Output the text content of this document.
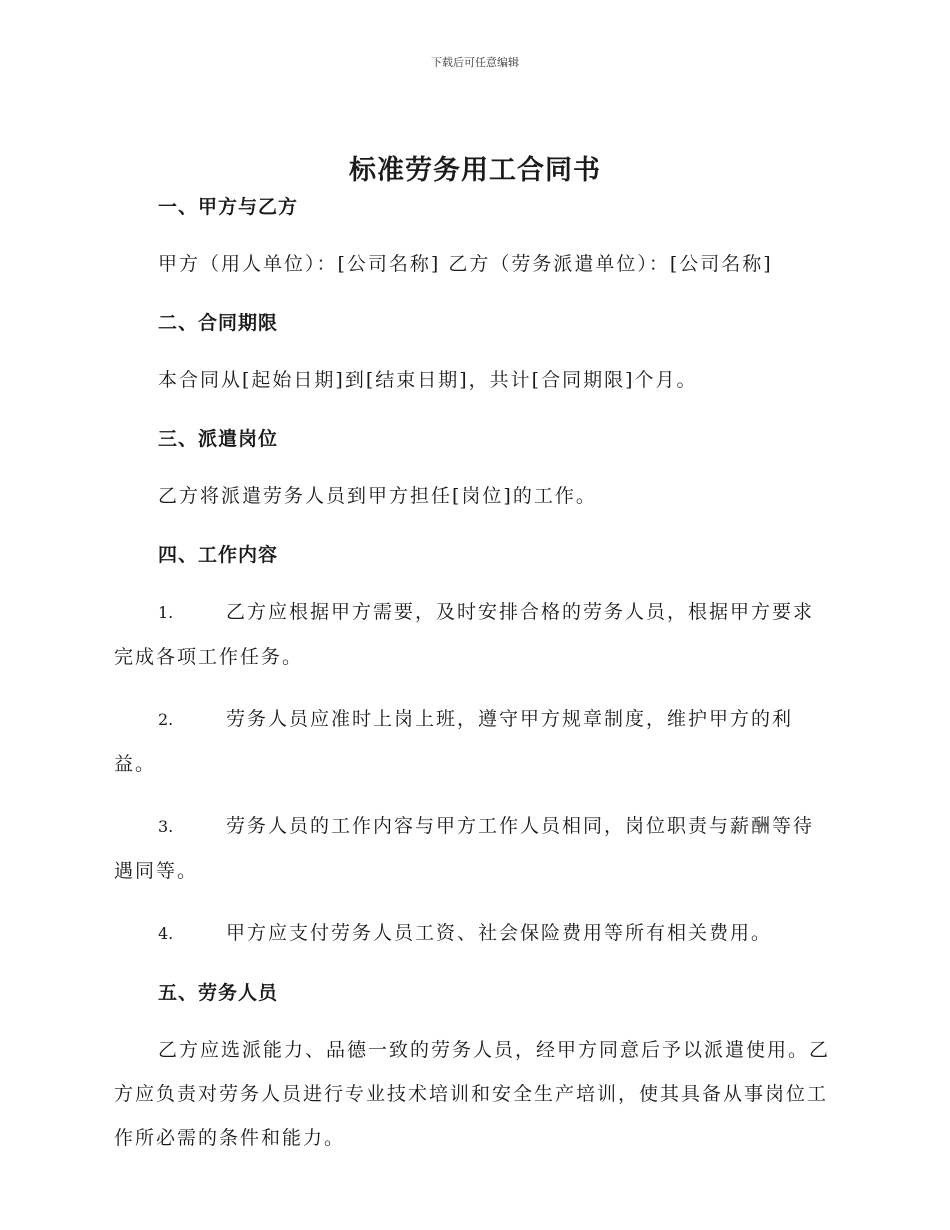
下载后可任意编辑
标准劳务用工合同书
一、甲方与乙方

甲方（用人单位）：[公司名称] 乙方（劳务派遣单位）：[公司名称]

二、合同期限

本合同从[起始日期]到[结束日期]，共计[合同期限]个月。

三、派遣岗位

乙方将派遣劳务人员到甲方担任[岗位]的工作。

四、工作内容
1.	乙方应根据甲方需要，及时安排合格的劳务人员，根据甲方要求
完成各项工作任务。
2.	劳务人员应准时上岗上班，遵守甲方规章制度，维护甲方的利
益。
3.	劳务人员的工作内容与甲方工作人员相同，岗位职责与薪酬等待
遇同等。
4.	甲方应支付劳务人员工资、社会保险费用等所有相关费用。
五、劳务人员

乙方应选派能力、品德一致的劳务人员，经甲方同意后予以派遣使用。乙方应负责对劳务人员进行专业技术培训和安全生产培训，使其具备从事岗位工作所必需的条件和能力。
